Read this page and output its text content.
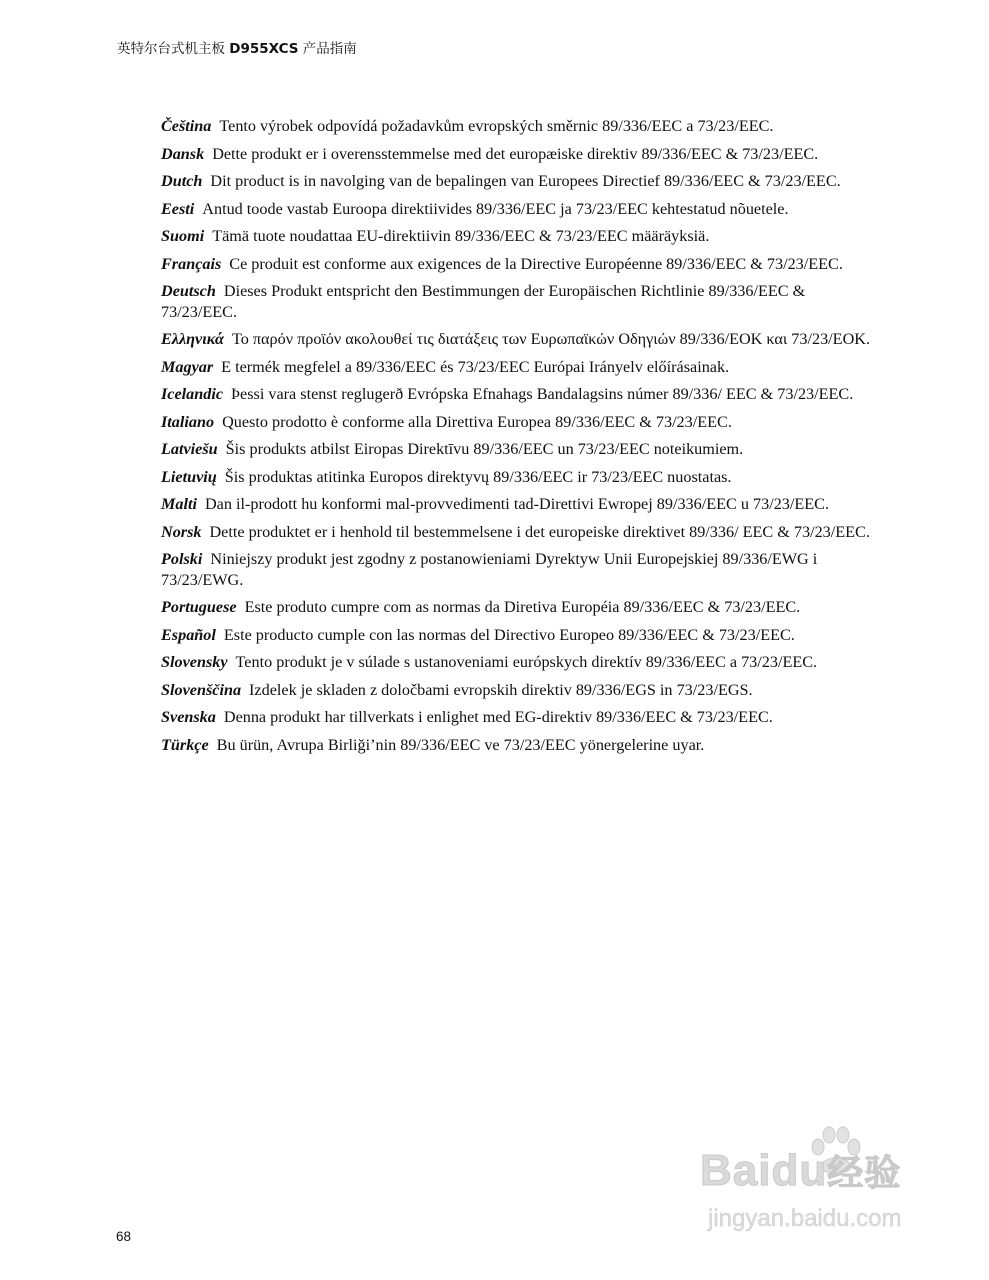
英特尔台式机主板 D955XCS 产品指南

Čeština Tento výrobek odpovídá požadavkům evropských směrnic 89/336/EEC a 73/23/EEC.

Dansk Dette produkt er i overensstemmelse med det europæiske direktiv 89/336/EEC & 73/23/EEC.

Dutch Dit product is in navolging van de bepalingen van Europees Directief 89/336/EEC & 73/23/EEC.

Eesti Antud toode vastab Euroopa direktiivides 89/336/EEC ja 73/23/EEC kehtestatud nõuetele.

Suomi Tämä tuote noudattaa EU-direktiivin 89/336/EEC & 73/23/EEC määräyksiä.

Français Ce produit est conforme aux exigences de la Directive Européenne 89/336/EEC & 73/23/EEC.

Deutsch Dieses Produkt entspricht den Bestimmungen der Europäischen Richtlinie 89/336/EEC & 73/23/EEC.

Ελληνικά Το παρόν προϊόν ακολουθεί τις διατάξεις των Ευρωπαϊκών Οδηγιών 89/336/ΕΟΚ και 73/23/ΕΟΚ.

Magyar E termék megfelel a 89/336/EEC és 73/23/EEC Európai Irányelv előírásainak.

Icelandic Þessi vara stenst reglugerð Evrópska Efnahags Bandalagsins númer 89/336/ EEC & 73/23/EEC.

Italiano Questo prodotto è conforme alla Direttiva Europea 89/336/EEC & 73/23/EEC.

Latviešu Šis produkts atbilst Eiropas Direktīvu 89/336/EEC un 73/23/EEC noteikumiem.

Lietuvių Šis produktas atitinka Europos direktyvų 89/336/EEC ir 73/23/EEC nuostatas.

Malti Dan il-prodott hu konformi mal-provvedimenti tad-Direttivi Ewropej 89/336/EEC u 73/23/EEC.

Norsk Dette produktet er i henhold til bestemmelsene i det europeiske direktivet 89/336/ EEC & 73/23/EEC.

Polski Niniejszy produkt jest zgodny z postanowieniami Dyrektyw Unii Europejskiej 89/336/EWG i 73/23/EWG.

Portuguese Este produto cumpre com as normas da Diretiva Européia 89/336/EEC & 73/23/EEC.

Español Este producto cumple con las normas del Directivo Europeo 89/336/EEC & 73/23/EEC.

Slovensky Tento produkt je v súlade s ustanoveniami európskych direktív 89/336/EEC a 73/23/EEC.

Slovenščina Izdelek je skladen z določbami evropskih direktiv 89/336/EGS in 73/23/EGS.

Svenska Denna produkt har tillverkats i enlighet med EG-direktiv 89/336/EEC & 73/23/EEC.

Türkçe Bu ürün, Avrupa Birliği’nin 89/336/EEC ve 73/23/EEC yönergelerine uyar.

68
Baidu经验
jingyan.baidu.com
